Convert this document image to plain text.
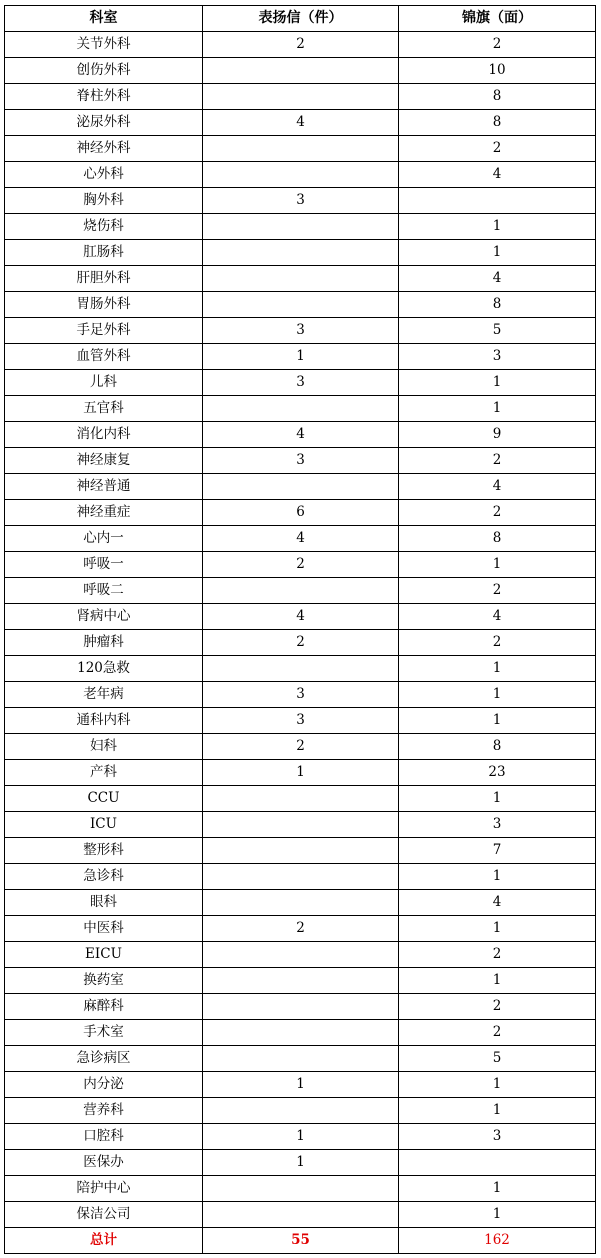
科室	表扬信（件）	锦旗（面）
关节外科	2	2
创伤外科		10
脊柱外科		8
泌尿外科	4	8
神经外科		2
心外科		4
胸外科	3	
烧伤科		1
肛肠科		1
肝胆外科		4
胃肠外科		8
手足外科	3	5
血管外科	1	3
儿科	3	1
五官科		1
消化内科	4	9
神经康复	3	2
神经普通		4
神经重症	6	2
心内一	4	8
呼吸一	2	1
呼吸二		2
肾病中心	4	4
肿瘤科	2	2
120急救		1
老年病	3	1
通科内科	3	1
妇科	2	8
产科	1	23
CCU		1
ICU		3
整形科		7
急诊科		1
眼科		4
中医科	2	1
EICU		2
换药室		1
麻醉科		2
手术室		2
急诊病区		5
内分泌	1	1
营养科		1
口腔科	1	3
医保办	1	
陪护中心		1
保洁公司		1
总计	55	162
